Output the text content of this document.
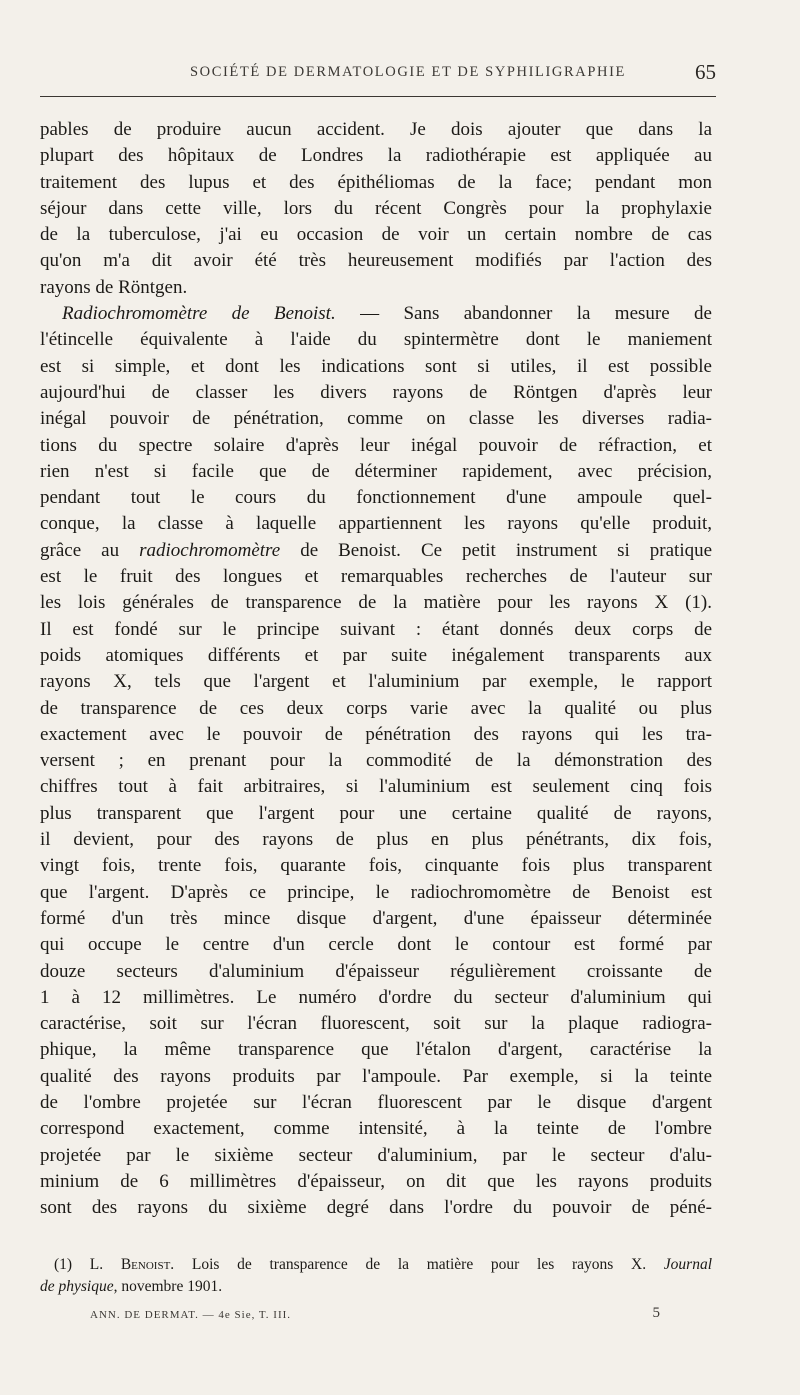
SOCIÉTÉ DE DERMATOLOGIE ET DE SYPHILIGRAPHIE	65
pables de produire aucun accident. Je dois ajouter que dans la
plupart des hôpitaux de Londres la radiothérapie est appliquée au
traitement des lupus et des épithéliomas de la face; pendant mon
séjour dans cette ville, lors du récent Congrès pour la prophylaxie
de la tuberculose, j'ai eu occasion de voir un certain nombre de cas
qu'on m'a dit avoir été très heureusement modifiés par l'action des
rayons de Röntgen.
Radiochromomètre de Benoist. — Sans abandonner la mesure de
l'étincelle équivalente à l'aide du spintermètre dont le maniement
est si simple, et dont les indications sont si utiles, il est possible
aujourd'hui de classer les divers rayons de Röntgen d'après leur
inégal pouvoir de pénétration, comme on classe les diverses radia-
tions du spectre solaire d'après leur inégal pouvoir de réfraction, et
rien n'est si facile que de déterminer rapidement, avec précision,
pendant tout le cours du fonctionnement d'une ampoule quel-
conque, la classe à laquelle appartiennent les rayons qu'elle produit,
grâce au radiochromomètre de Benoist. Ce petit instrument si pratique
est le fruit des longues et remarquables recherches de l'auteur sur
les lois générales de transparence de la matière pour les rayons X (1).
Il est fondé sur le principe suivant : étant donnés deux corps de
poids atomiques différents et par suite inégalement transparents aux
rayons X, tels que l'argent et l'aluminium par exemple, le rapport
de transparence de ces deux corps varie avec la qualité ou plus
exactement avec le pouvoir de pénétration des rayons qui les tra-
versent ; en prenant pour la commodité de la démonstration des
chiffres tout à fait arbitraires, si l'aluminium est seulement cinq fois
plus transparent que l'argent pour une certaine qualité de rayons,
il devient, pour des rayons de plus en plus pénétrants, dix fois,
vingt fois, trente fois, quarante fois, cinquante fois plus transparent
que l'argent. D'après ce principe, le radiochromomètre de Benoist est
formé d'un très mince disque d'argent, d'une épaisseur déterminée
qui occupe le centre d'un cercle dont le contour est formé par
douze secteurs d'aluminium d'épaisseur régulièrement croissante de
1 à 12 millimètres. Le numéro d'ordre du secteur d'aluminium qui
caractérise, soit sur l'écran fluorescent, soit sur la plaque radiogra-
phique, la même transparence que l'étalon d'argent, caractérise la
qualité des rayons produits par l'ampoule. Par exemple, si la teinte
de l'ombre projetée sur l'écran fluorescent par le disque d'argent
correspond exactement, comme intensité, à la teinte de l'ombre
projetée par le sixième secteur d'aluminium, par le secteur d'alu-
minium de 6 millimètres d'épaisseur, on dit que les rayons produits
sont des rayons du sixième degré dans l'ordre du pouvoir de péné-
(1) L. Benoist. Lois de transparence de la matière pour les rayons X. Journal
de physique, novembre 1901.
ANN. DE DERMAT. — 4e Sie, T. III.	5
